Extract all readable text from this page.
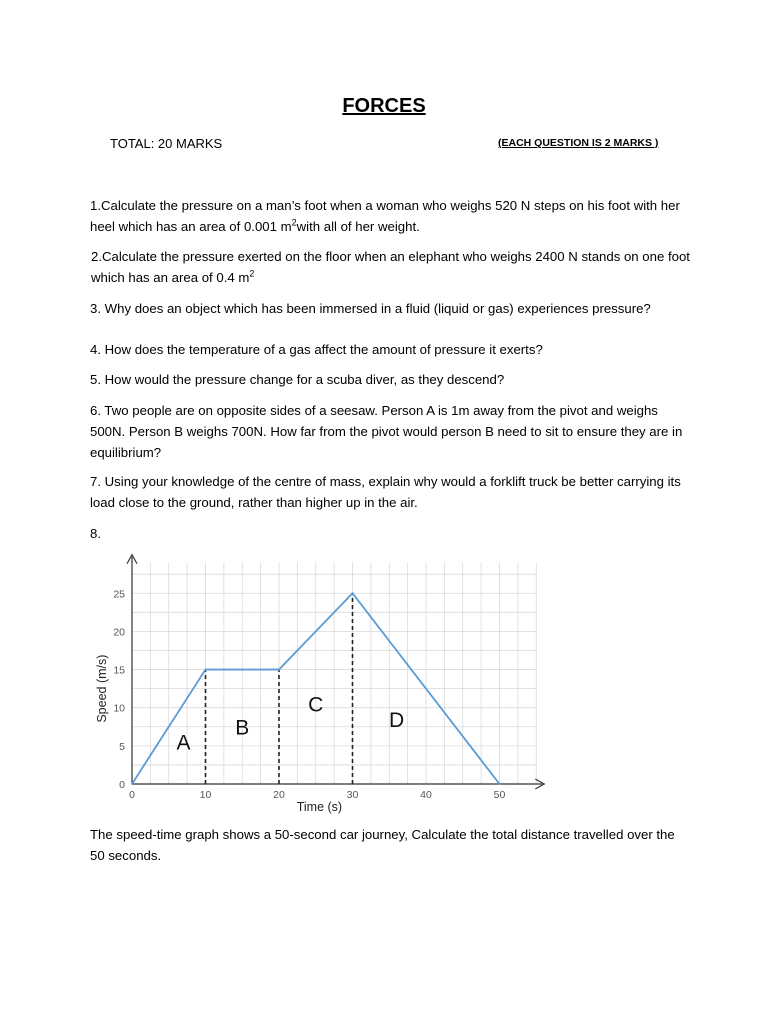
FORCES
TOTAL: 20 MARKS	(EACH QUESTION IS 2 MARKS )
1.Calculate the pressure on a man’s foot when a woman who weighs 520 N steps on his foot with her heel which has an area of 0.001 $m^2with$ all of her weight.
2.Calculate the pressure exerted on the floor when an elephant who weighs 2400 N stands on one foot which has an area of 0.4 $m^2$
3. Why does an object which has been immersed in a fluid (liquid or gas) experiences pressure?
4. How does the temperature of a gas affect the amount of pressure it exerts?
5. How would the pressure change for a scuba diver, as they descend?
6. Two people are on opposite sides of a seesaw. Person A is 1m away from the pivot and weighs 500N. Person B weighs 700N. How far from the pivot would person B need to sit to ensure they are in equilibrium?
7. Using your knowledge of the centre of mass, explain why would a forklift truck be better carrying its load close to the ground, rather than higher up in the air.
8.
0	10	20	30	40	50
0
5
10
15
20
25
A
B
C
D
Time (s)
Speed (m/s)
The speed-time graph shows a 50-second car journey, Calculate the total distance travelled over the 50 seconds.
